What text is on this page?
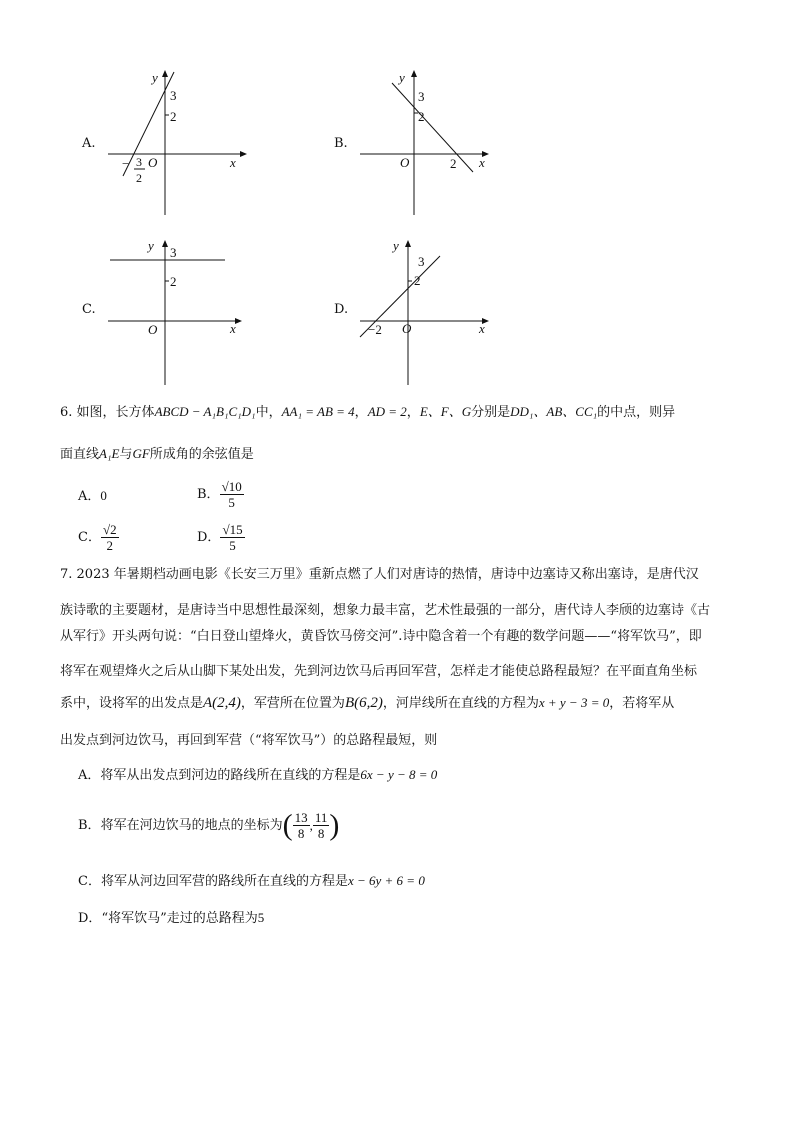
A.
y
3
2
O	x
3
2
−
B.
y
3
2
O	2 x
C.
y 3
2
O	x
D.
y
3
2
−2 O	x
6. 如图，长方体ABCD − A₁B₁C₁D₁中，AA₁ = AB = 4，AD = 2，E、F、G分别是DD₁、AB、CC₁的中点，则异
面直线A₁E与GF所成角的余弦值是
A．0	B． $\frac{√10}{5}$
C． $\frac{√2}{2}$	D． $\frac{√15}{5}$
7. 2023 年暑期档动画电影《长安三万里》重新点燃了人们对唐诗的热情，唐诗中边塞诗又称出塞诗，是唐代汉
族诗歌的主要题材，是唐诗当中思想性最深刻，想象力最丰富，艺术性最强的一部分，唐代诗人李颀的边塞诗《古
从军行》开头两句说：“白日登山望烽火，黄昏饮马傍交河”.诗中隐含着一个有趣的数学问题——“将军饮马”，即
将军在观望烽火之后从山脚下某处出发，先到河边饮马后再回军营，怎样走才能使总路程最短？在平面直角坐标
系中，设将军的出发点是A(2,4)，军营所在位置为B(6,2)，河岸线所在直线的方程为x + y − 3 = 0，若将军从
出发点到河边饮马，再回到军营（“将军饮马”）的总路程最短，则
A．将军从出发点到河边的路线所在直线的方程是6x − y − 8 = 0
B．将军在河边饮马的地点的坐标为( $\frac{13}{8}$ , $\frac{11}{8}$ )
C．将军从河边回军营的路线所在直线的方程是x − 6y + 6 = 0
D．“将军饮马”走过的总路程为5
